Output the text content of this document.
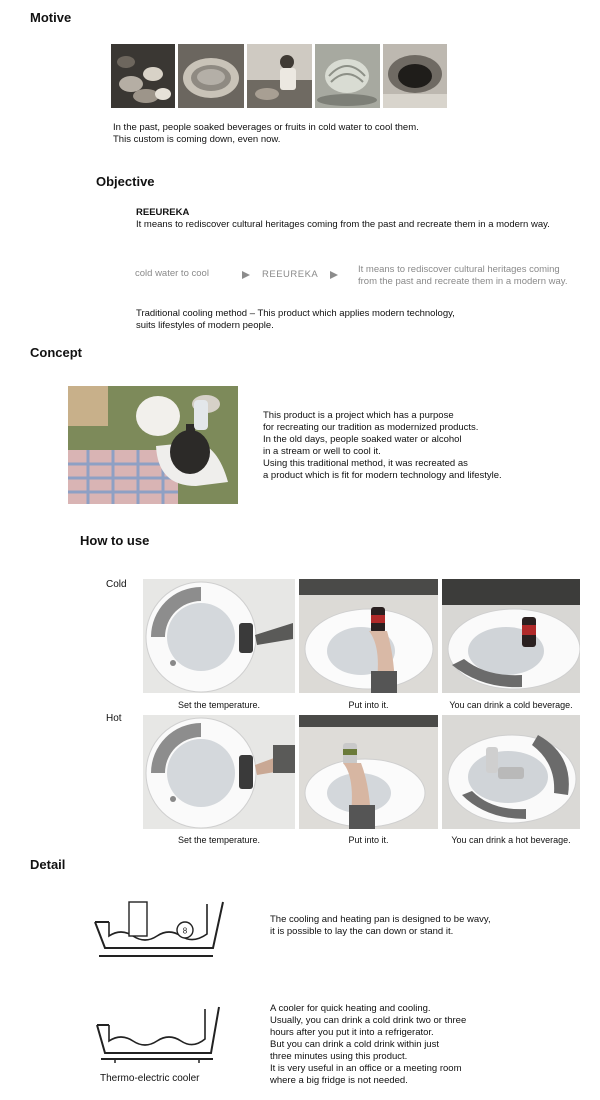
Motive
In the past, people soaked beverages or fruits in cold water to cool them.
This custom is coming down, even now.
Objective
REEUREKA
It means to rediscover cultural heritages coming from the past and recreate them in a modern way.
cold water to cool	REEUREKA	It means to rediscover cultural heritages coming
from the past and recreate them in a modern way.
Traditional cooling method – This product which applies modern technology,
suits lifestyles of modern people.
Concept
This product is a project which has a purpose
for recreating our tradition as modernized products.
In the old days, people soaked water or alcohol
in a stream or well to cool it.
Using this traditional method, it was recreated as
a product which is fit for modern technology and lifestyle.
How to use
Cold
Hot
Set the temperature.	Put into it.	You can drink a cold beverage.
Set the temperature.	Put into it.	You can drink a hot beverage.
Detail
8
The cooling and heating pan is designed to be wavy,
it is possible to lay the can down or stand it.
Thermo-electric cooler
A cooler for quick heating and cooling.
Usually, you can drink a cold drink two or three
hours after you put it into a refrigerator.
But you can drink a cold drink within just
three minutes using this product.
It is very useful in an office or a meeting room
where a big fridge is not needed.
